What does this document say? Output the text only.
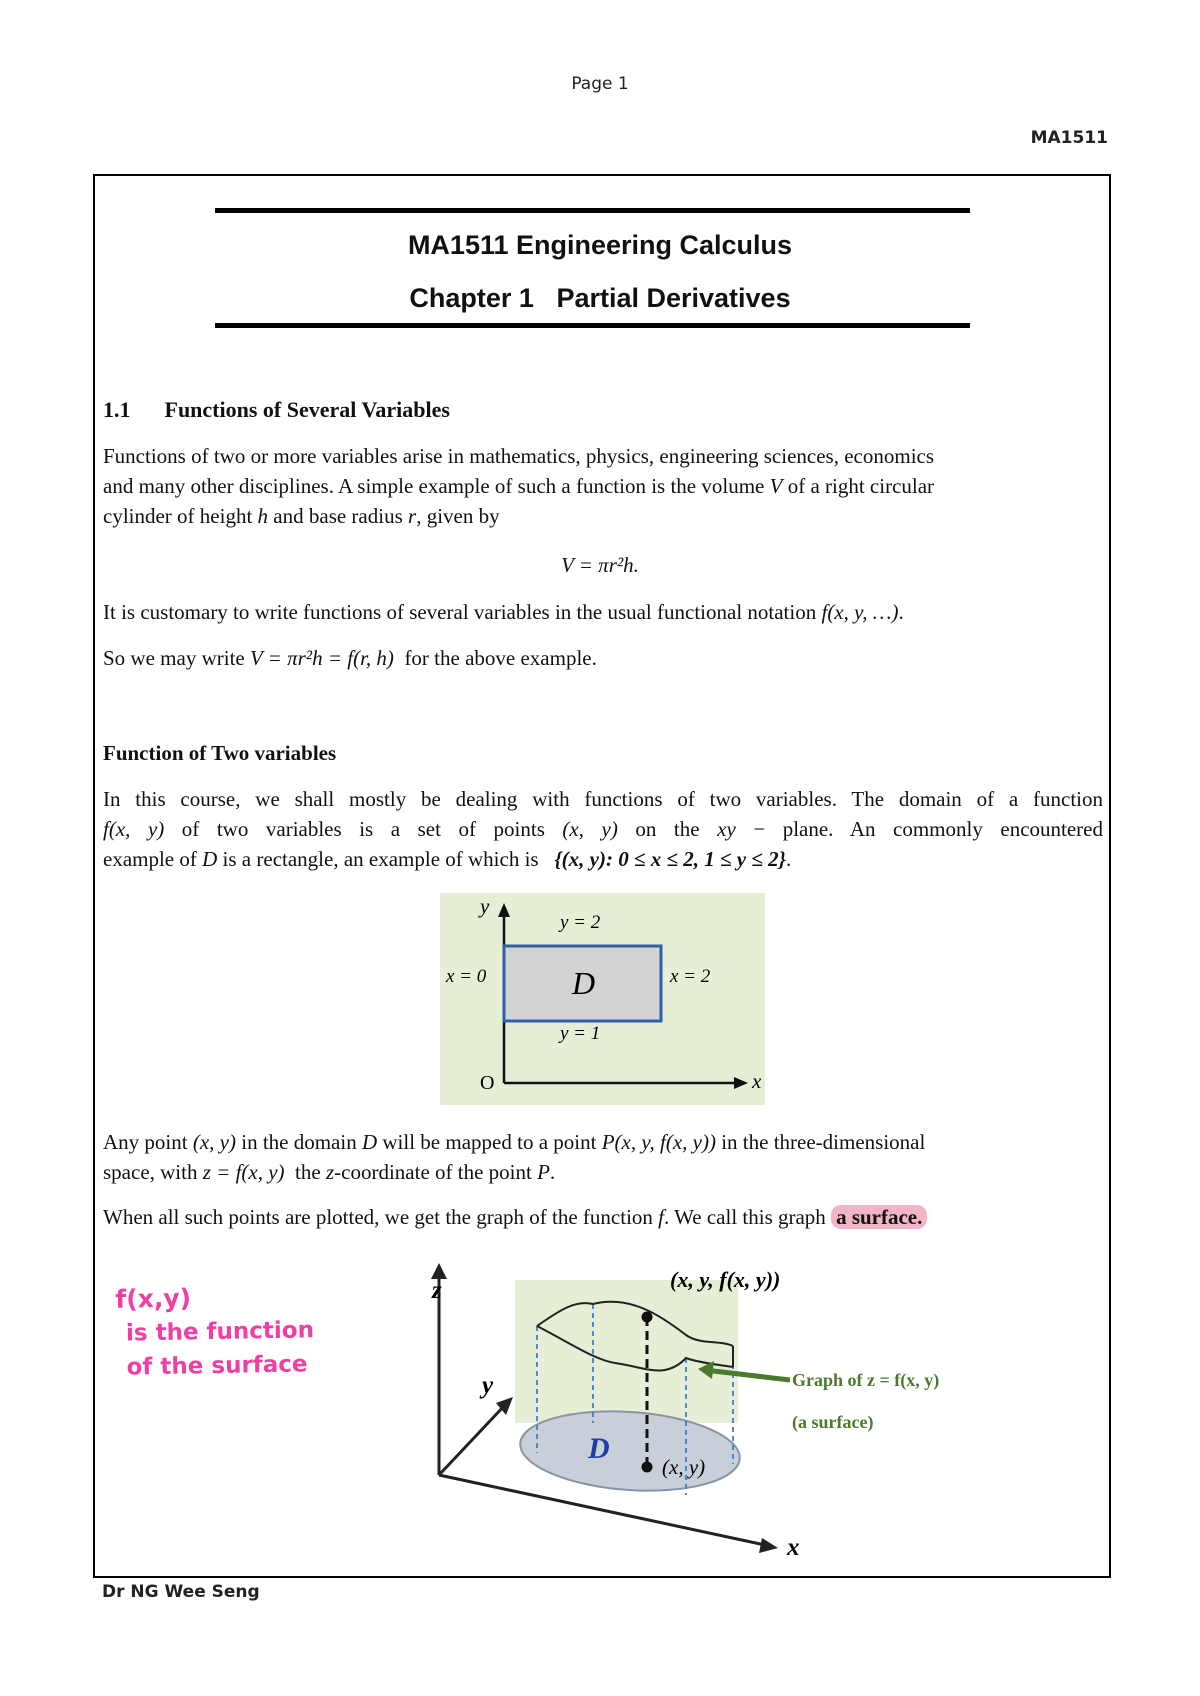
Page 1
MA1511
MA1511 Engineering Calculus
Chapter 1   Partial Derivatives
1.1 Functions of Several Variables
Functions of two or more variables arise in mathematics, physics, engineering sciences, economics
and many other disciplines. A simple example of such a function is the volume V of a right circular
cylinder of height h and base radius r, given by
V = πr²h.
It is customary to write functions of several variables in the usual functional notation f(x, y, …).
So we may write V = πr²h = f(r, h)  for the above example.
Function of Two variables
In this course, we shall mostly be dealing with functions of two variables. The domain of a function
f(x, y) of two variables is a set of points (x, y) on the xy − plane. An commonly encountered
example of D is a rectangle, an example of which is   {(x, y): 0 ≤ x ≤ 2, 1 ≤ y ≤ 2}.
y
x
O
y = 2
y = 1
x = 0	x = 2
D
Any point (x, y) in the domain D will be mapped to a point P(x, y, f(x, y)) in the three-dimensional
space, with z = f(x, y)  the z-coordinate of the point P.
When all such points are plotted, we get the graph of the function f. We call this graph a surface.
f(x,y)
is the function
of the surface
z
y
x
(x, y, f(x, y))
D
(x, y)
Graph of z = f(x, y)
(a surface)
Dr NG Wee Seng
